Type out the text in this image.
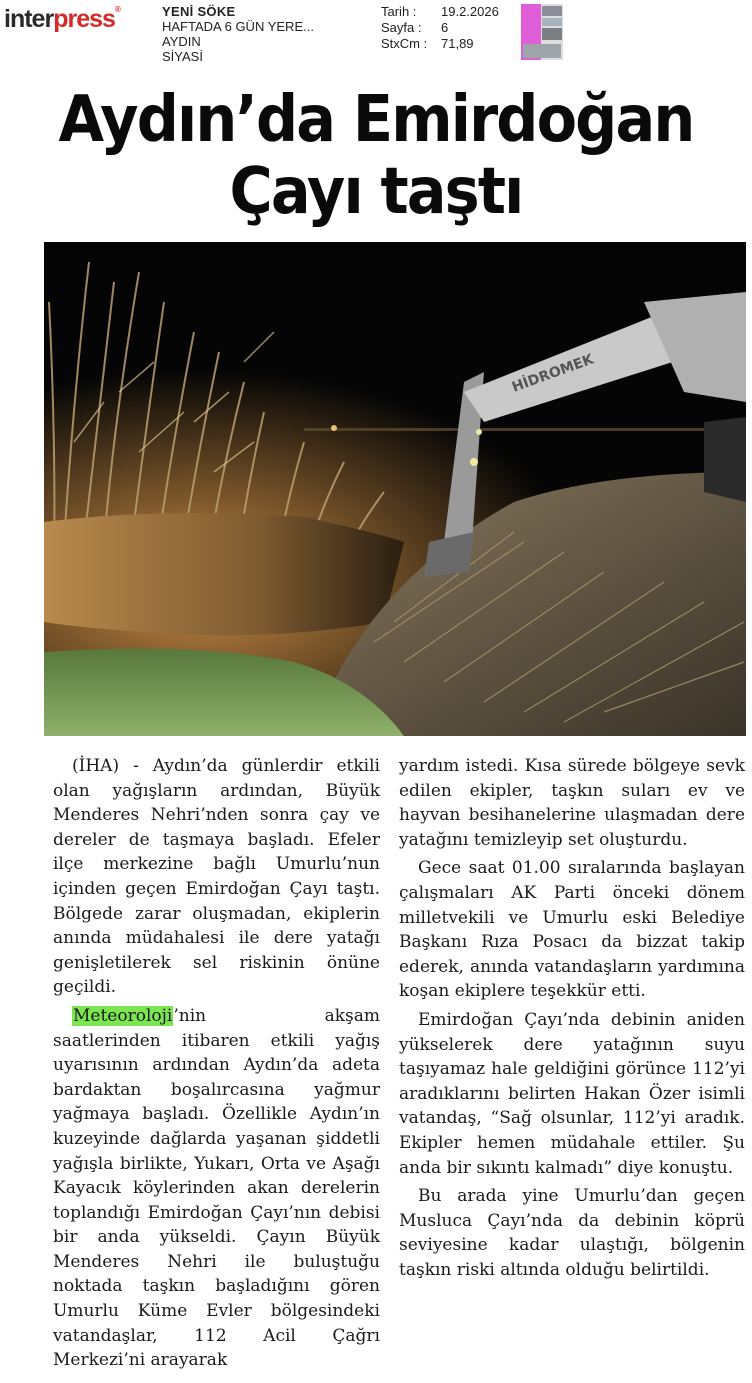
interpress®	YENİ SÖKE
HAFTADA 6 GÜN YERE...
AYDIN
SİYASİ
Tarih :	19.2.2026
Sayfa :	6
StxCm :	71,89
Aydın’da Emirdoğan
Çayı taştı
HİDROMEK

(İHA) - Aydın’da günlerdir etkili olan yağışların ardından, Büyük Menderes Nehri’nden sonra çay ve dereler de taşmaya başladı. Efeler ilçe merkezine bağlı Umurlu’nun içinden geçen Emirdoğan Çayı taştı. Bölgede zarar oluşmadan, ekiplerin anında müdahalesi ile dere yatağı genişletilerek sel riskinin önüne geçildi.

Meteoroloji’nin akşam saatlerinden itibaren etkili yağış uyarısının ardından Aydın’da adeta bardaktan boşalırcasına yağmur yağmaya başladı. Özellikle Aydın’ın kuzeyinde dağlarda yaşanan şiddetli yağışla birlikte, Yukarı, Orta ve Aşağı Kayacık köylerinden akan derelerin toplandığı Emirdoğan Çayı’nın debisi bir anda yükseldi. Çayın Büyük Menderes Nehri ile buluştuğu noktada taşkın başladığını gören Umurlu Küme Evler bölgesindeki vatandaşlar, 112 Acil Çağrı Merkezi’ni arayarak

yardım istedi. Kısa sürede bölgeye sevk edilen ekipler, taşkın suları ev ve hayvan besihanelerine ulaşmadan dere yatağını temizleyip set oluşturdu.

Gece saat 01.00 sıralarında başlayan çalışmaları AK Parti önceki dönem milletvekili ve Umurlu eski Belediye Başkanı Rıza Posacı da bizzat takip ederek, anında vatandaşların yardımına koşan ekiplere teşekkür etti.

Emirdoğan Çayı’nda debinin aniden yükselerek dere yatağının suyu taşıyamaz hale geldiğini görünce 112’yi aradıklarını belirten Hakan Özer isimli vatandaş, “Sağ olsunlar, 112’yi aradık. Ekipler hemen müdahale ettiler. Şu anda bir sıkıntı kalmadı” diye konuştu.

Bu arada yine Umurlu’dan geçen Musluca Çayı’nda da debinin köprü seviyesine kadar ulaştığı, bölgenin taşkın riski altında olduğu belirtildi.
